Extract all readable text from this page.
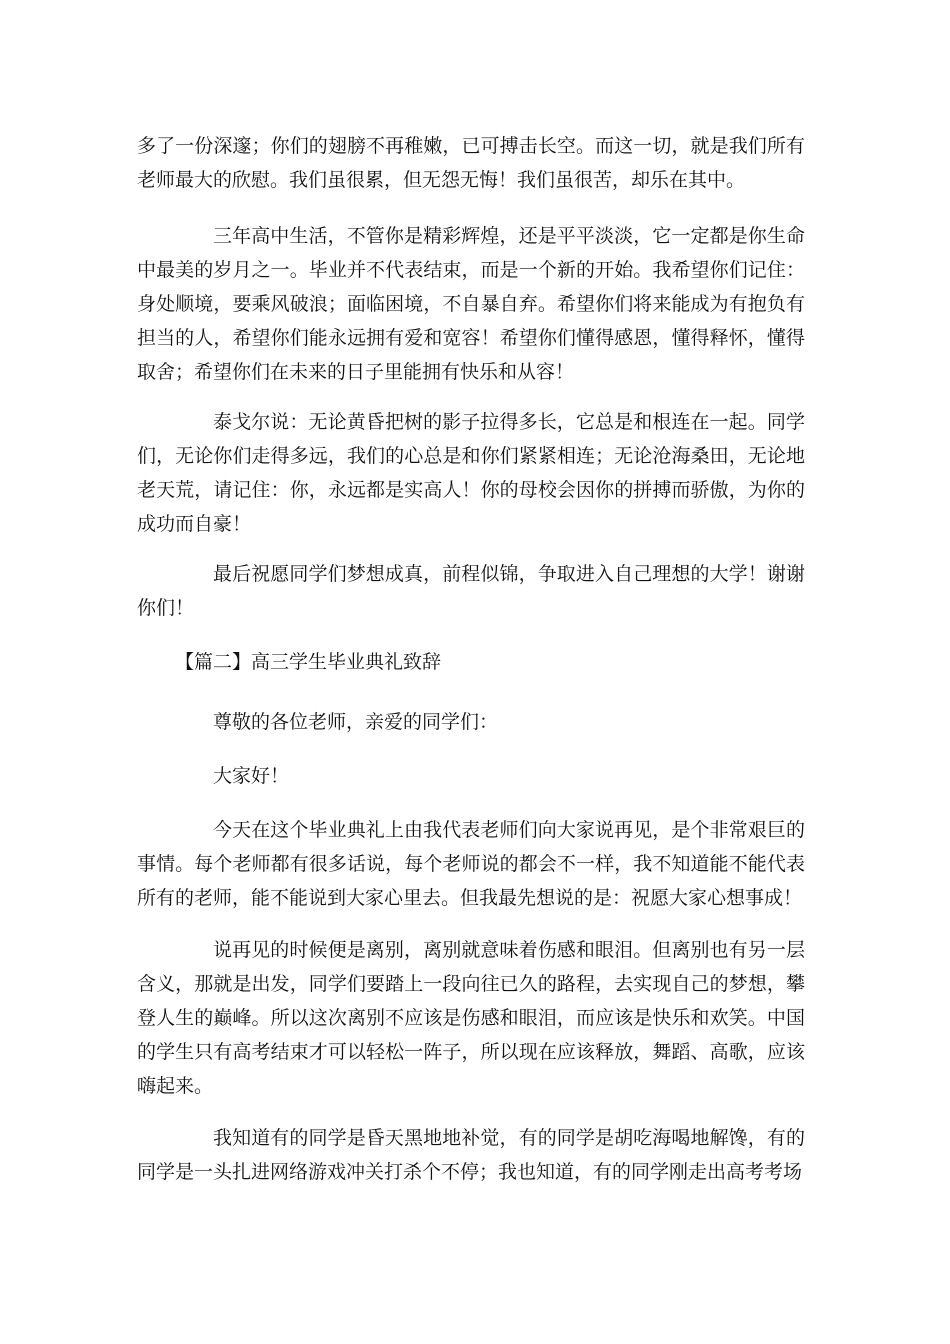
多了一份深邃；你们的翅膀不再稚嫩，已可搏击长空。而这一切，就是我们所有老师最大的欣慰。我们虽很累，但无怨无悔！我们虽很苦，却乐在其中。

三年高中生活，不管你是精彩辉煌，还是平平淡淡，它一定都是你生命中最美的岁月之一。毕业并不代表结束，而是一个新的开始。我希望你们记住：身处顺境，要乘风破浪；面临困境，不自暴自弃。希望你们将来能成为有抱负有担当的人，希望你们能永远拥有爱和宽容！希望你们懂得感恩，懂得释怀，懂得取舍；希望你们在未来的日子里能拥有快乐和从容！

泰戈尔说：无论黄昏把树的影子拉得多长，它总是和根连在一起。同学们，无论你们走得多远，我们的心总是和你们紧紧相连；无论沧海桑田，无论地老天荒，请记住：你，永远都是实高人！你的母校会因你的拼搏而骄傲，为你的成功而自豪！

最后祝愿同学们梦想成真，前程似锦，争取进入自己理想的大学！谢谢你们！

【篇二】高三学生毕业典礼致辞

尊敬的各位老师，亲爱的同学们：

大家好！

今天在这个毕业典礼上由我代表老师们向大家说再见，是个非常艰巨的事情。每个老师都有很多话说，每个老师说的都会不一样，我不知道能不能代表所有的老师，能不能说到大家心里去。但我最先想说的是：祝愿大家心想事成！

说再见的时候便是离别，离别就意味着伤感和眼泪。但离别也有另一层含义，那就是出发，同学们要踏上一段向往已久的路程，去实现自己的梦想，攀登人生的巅峰。所以这次离别不应该是伤感和眼泪，而应该是快乐和欢笑。中国的学生只有高考结束才可以轻松一阵子，所以现在应该释放，舞蹈、高歌，应该嗨起来。

我知道有的同学是昏天黑地地补觉，有的同学是胡吃海喝地解馋，有的同学是一头扎进网络游戏冲关打杀个不停；我也知道，有的同学刚走出高考考场
